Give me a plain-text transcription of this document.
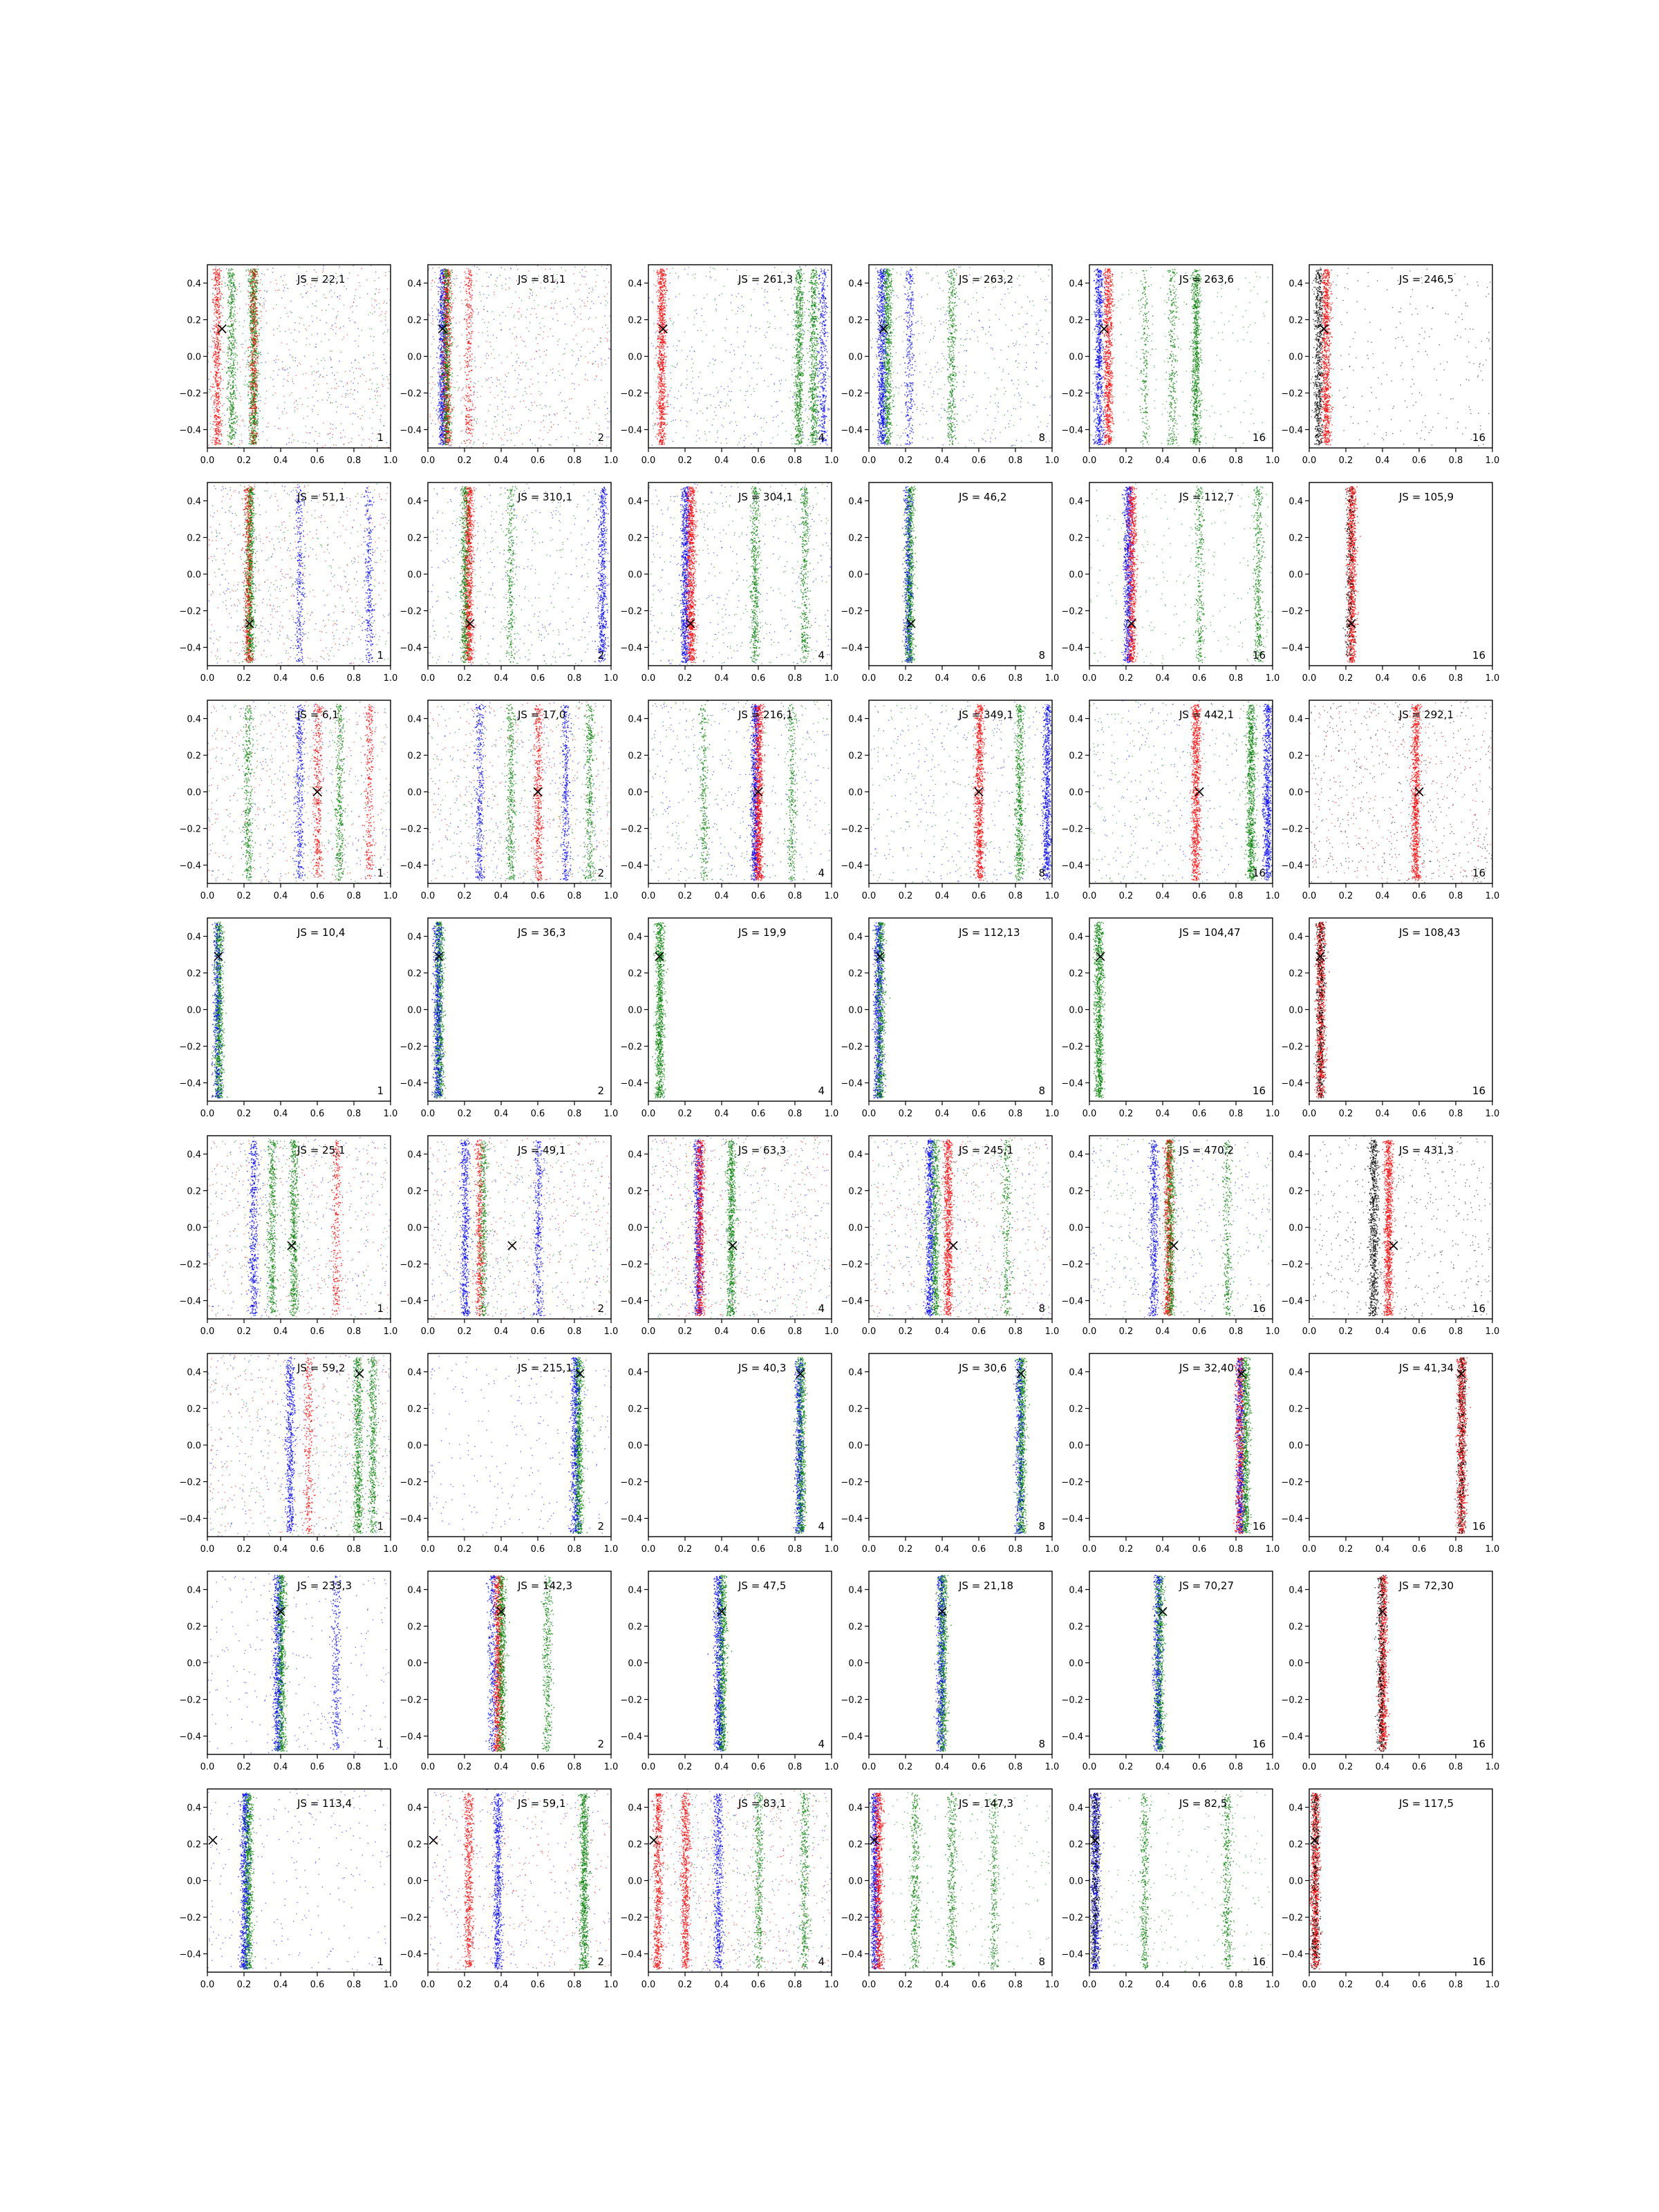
0.0 0.2 0.4 0.6 0.8 1.0
0.4
0.2
0.0
−0.2
−0.4
JS = 22,1
1
0.0 0.2 0.4 0.6 0.8 1.0
0.4
0.2
0.0
−0.2
−0.4
JS = 81,1
2
0.0 0.2 0.4 0.6 0.8 1.0
0.4
0.2
0.0
−0.2
−0.4
JS = 261,3
4
0.0 0.2 0.4 0.6 0.8 1.0
0.4
0.2
0.0
−0.2
−0.4
JS = 263,2
8
0.0 0.2 0.4 0.6 0.8 1.0
0.4
0.2
0.0
−0.2
−0.4
JS = 263,6
16
0.0 0.2 0.4 0.6 0.8 1.0
0.4
0.2
0.0
−0.2
−0.4
JS = 246,5
16
0.0 0.2 0.4 0.6 0.8 1.0
0.4
0.2
0.0
−0.2
−0.4
JS = 51,1
1
0.0 0.2 0.4 0.6 0.8 1.0
0.4
0.2
0.0
−0.2
−0.4
JS = 310,1
2
0.0 0.2 0.4 0.6 0.8 1.0
0.4
0.2
0.0
−0.2
−0.4
JS = 304,1
4
0.0 0.2 0.4 0.6 0.8 1.0
0.4
0.2
0.0
−0.2
−0.4
JS = 46,2
8
0.0 0.2 0.4 0.6 0.8 1.0
0.4
0.2
0.0
−0.2
−0.4
JS = 112,7
16
0.0 0.2 0.4 0.6 0.8 1.0
0.4
0.2
0.0
−0.2
−0.4
JS = 105,9
16
0.0 0.2 0.4 0.6 0.8 1.0
0.4
0.2
0.0
−0.2
−0.4
JS = 6,1
1
0.0 0.2 0.4 0.6 0.8 1.0
0.4
0.2
0.0
−0.2
−0.4
JS = 17,0
2
0.0 0.2 0.4 0.6 0.8 1.0
0.4
0.2
0.0
−0.2
−0.4
JS = 216,1
4
0.0 0.2 0.4 0.6 0.8 1.0
0.4
0.2
0.0
−0.2
−0.4
JS = 349,1
8
0.0 0.2 0.4 0.6 0.8 1.0
0.4
0.2
0.0
−0.2
−0.4
JS = 442,1
16
0.0 0.2 0.4 0.6 0.8 1.0
0.4
0.2
0.0
−0.2
−0.4
JS = 292,1
16
0.0 0.2 0.4 0.6 0.8 1.0
0.4
0.2
0.0
−0.2
−0.4
JS = 10,4
1
0.0 0.2 0.4 0.6 0.8 1.0
0.4
0.2
0.0
−0.2
−0.4
JS = 36,3
2
0.0 0.2 0.4 0.6 0.8 1.0
0.4
0.2
0.0
−0.2
−0.4
JS = 19,9
4
0.0 0.2 0.4 0.6 0.8 1.0
0.4
0.2
0.0
−0.2
−0.4
JS = 112,13
8
0.0 0.2 0.4 0.6 0.8 1.0
0.4
0.2
0.0
−0.2
−0.4
JS = 104,47
16
0.0 0.2 0.4 0.6 0.8 1.0
0.4
0.2
0.0
−0.2
−0.4
JS = 108,43
16
0.0 0.2 0.4 0.6 0.8 1.0
0.4
0.2
0.0
−0.2
−0.4
JS = 25,1
1
0.0 0.2 0.4 0.6 0.8 1.0
0.4
0.2
0.0
−0.2
−0.4
JS = 49,1
2
0.0 0.2 0.4 0.6 0.8 1.0
0.4
0.2
0.0
−0.2
−0.4
JS = 63,3
4
0.0 0.2 0.4 0.6 0.8 1.0
0.4
0.2
0.0
−0.2
−0.4
JS = 245,1
8
0.0 0.2 0.4 0.6 0.8 1.0
0.4
0.2
0.0
−0.2
−0.4
JS = 470,2
16
0.0 0.2 0.4 0.6 0.8 1.0
0.4
0.2
0.0
−0.2
−0.4
JS = 431,3
16
0.0 0.2 0.4 0.6 0.8 1.0
0.4
0.2
0.0
−0.2
−0.4
JS = 59,2
1
0.0 0.2 0.4 0.6 0.8 1.0
0.4
0.2
0.0
−0.2
−0.4
JS = 215,1
2
0.0 0.2 0.4 0.6 0.8 1.0
0.4
0.2
0.0
−0.2
−0.4
JS = 40,3
4
0.0 0.2 0.4 0.6 0.8 1.0
0.4
0.2
0.0
−0.2
−0.4
JS = 30,6
8
0.0 0.2 0.4 0.6 0.8 1.0
0.4
0.2
0.0
−0.2
−0.4
JS = 32,40
16
0.0 0.2 0.4 0.6 0.8 1.0
0.4
0.2
0.0
−0.2
−0.4
JS = 41,34
16
0.0 0.2 0.4 0.6 0.8 1.0
0.4
0.2
0.0
−0.2
−0.4
JS = 233,3
1
0.0 0.2 0.4 0.6 0.8 1.0
0.4
0.2
0.0
−0.2
−0.4
JS = 142,3
2
0.0 0.2 0.4 0.6 0.8 1.0
0.4
0.2
0.0
−0.2
−0.4
JS = 47,5
4
0.0 0.2 0.4 0.6 0.8 1.0
0.4
0.2
0.0
−0.2
−0.4
JS = 21,18
8
0.0 0.2 0.4 0.6 0.8 1.0
0.4
0.2
0.0
−0.2
−0.4
JS = 70,27
16
0.0 0.2 0.4 0.6 0.8 1.0
0.4
0.2
0.0
−0.2
−0.4
JS = 72,30
16
0.0 0.2 0.4 0.6 0.8 1.0
0.4
0.2
0.0
−0.2
−0.4
JS = 113,4
1
0.0 0.2 0.4 0.6 0.8 1.0
0.4
0.2
0.0
−0.2
−0.4
JS = 59,1
2
0.0 0.2 0.4 0.6 0.8 1.0
0.4
0.2
0.0
−0.2
−0.4
JS = 83,1
4
0.0 0.2 0.4 0.6 0.8 1.0
0.4
0.2
0.0
−0.2
−0.4
JS = 147,3
8
0.0 0.2 0.4 0.6 0.8 1.0
0.4
0.2
0.0
−0.2
−0.4
JS = 82,5
16
0.0 0.2 0.4 0.6 0.8 1.0
0.4
0.2
0.0
−0.2
−0.4
JS = 117,5
16
